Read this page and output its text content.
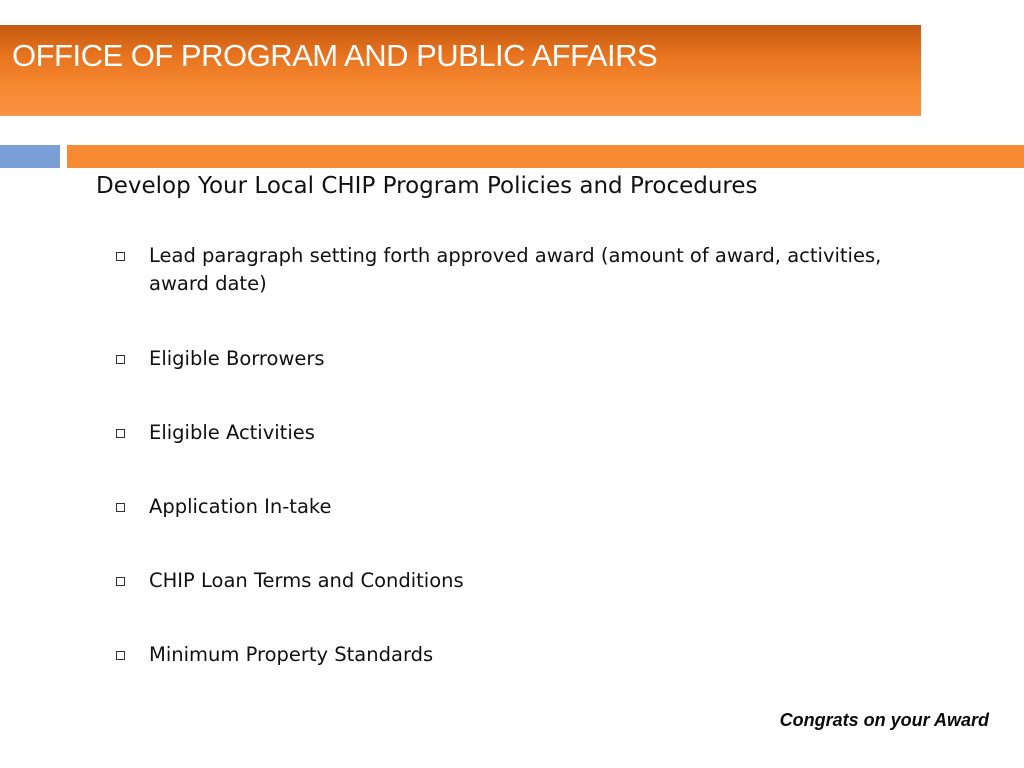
OFFICE OF PROGRAM AND PUBLIC AFFAIRS
Develop Your Local CHIP Program Policies and Procedures
Lead paragraph setting forth approved award (amount of award, activities, award date)
Eligible Borrowers
Eligible Activities
Application In-take
CHIP Loan Terms and Conditions
Minimum Property Standards
Congrats on your Award
